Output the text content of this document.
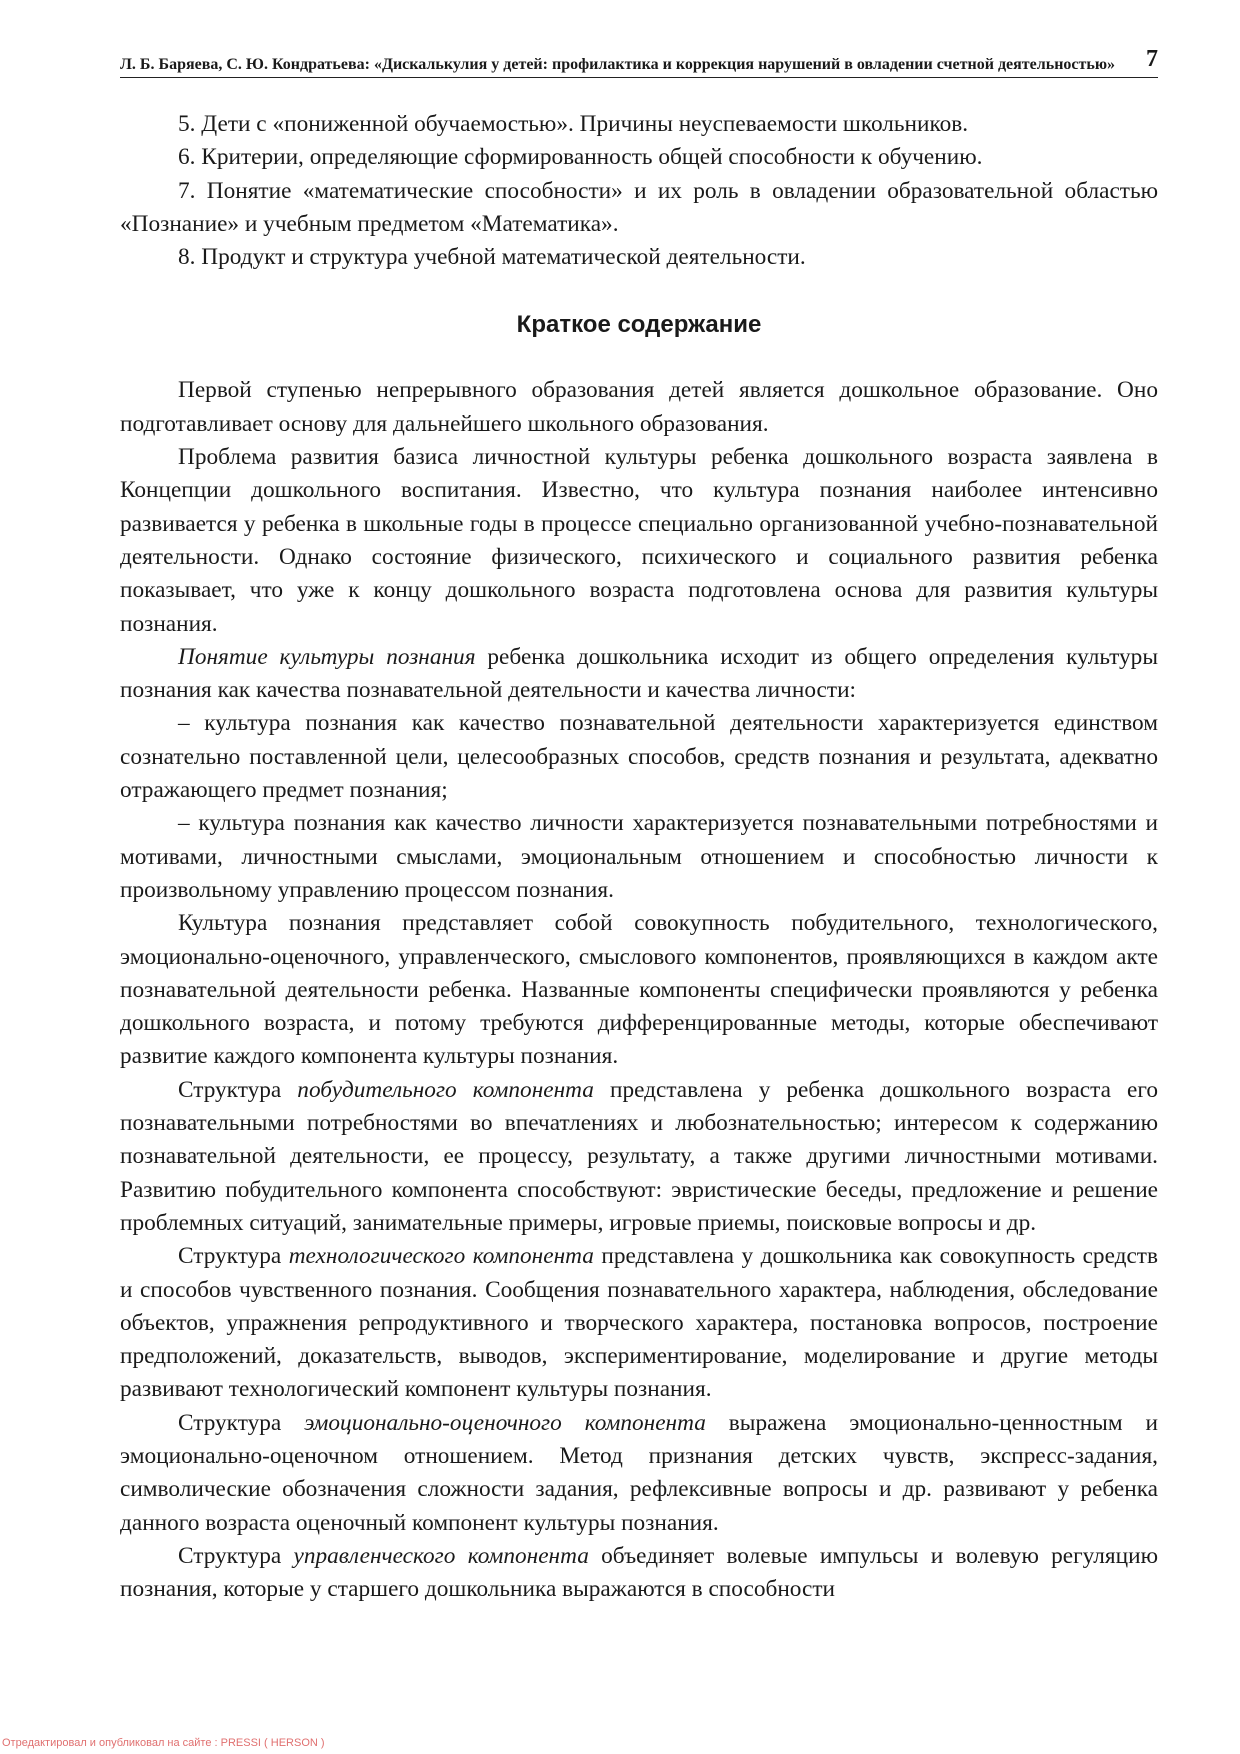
Л. Б. Баряева, С. Ю. Кондратьева: «Дискалькулия у детей: профилактика и коррекция нарушений в овладении счетной деятельностью» 7

5. Дети с «пониженной обучаемостью». Причины неуспеваемости школьников.

6. Критерии, определяющие сформированность общей способности к обучению.

7. Понятие «математические способности» и их роль в овладении образовательной областью «Познание» и учебным предметом «Математика».

8. Продукт и структура учебной математической деятельности.

Краткое содержание

Первой ступенью непрерывного образования детей является дошкольное образование. Оно подготавливает основу для дальнейшего школьного образования.

Проблема развития базиса личностной культуры ребенка дошкольного возраста заявлена в Концепции дошкольного воспитания. Известно, что культура познания наиболее интенсивно развивается у ребенка в школьные годы в процессе специально организованной учебно-познавательной деятельности. Однако состояние физического, психического и социального развития ребенка показывает, что уже к концу дошкольного возраста подготовлена основа для развития культуры познания.

Понятие культуры познания ребенка дошкольника исходит из общего определения культуры познания как качества познавательной деятельности и качества личности:

– культура познания как качество познавательной деятельности характеризуется единством сознательно поставленной цели, целесообразных способов, средств познания и результата, адекватно отражающего предмет познания;

– культура познания как качество личности характеризуется познавательными потребностями и мотивами, личностными смыслами, эмоциональным отношением и способностью личности к произвольному управлению процессом познания.

Культура познания представляет собой совокупность побудительного, технологического, эмоционально-оценочного, управленческого, смыслового компонентов, проявляющихся в каждом акте познавательной деятельности ребенка. Названные компоненты специфически проявляются у ребенка дошкольного возраста, и потому требуются дифференцированные методы, которые обеспечивают развитие каждого компонента культуры познания.

Структура побудительного компонента представлена у ребенка дошкольного возраста его познавательными потребностями во впечатлениях и любознательностью; интересом к содержанию познавательной деятельности, ее процессу, результату, а также другими личностными мотивами. Развитию побудительного компонента способствуют: эвристические беседы, предложение и решение проблемных ситуаций, занимательные примеры, игровые приемы, поисковые вопросы и др.

Структура технологического компонента представлена у дошкольника как совокупность средств и способов чувственного познания. Сообщения познавательного характера, наблюдения, обследование объектов, упражнения репродуктивного и творческого характера, постановка вопросов, построение предположений, доказательств, выводов, экспериментирование, моделирование и другие методы развивают технологический компонент культуры познания.

Структура эмоционально-оценочного компонента выражена эмоционально-ценностным и эмоционально-оценочном отношением. Метод признания детских чувств, экспресс-задания, символические обозначения сложности задания, рефлексивные вопросы и др. развивают у ребенка данного возраста оценочный компонент культуры познания.

Структура управленческого компонента объединяет волевые импульсы и волевую регуляцию познания, которые у старшего дошкольника выражаются в способности

Отредактировал и опубликовал на сайте : PRESSI ( HERSON )
